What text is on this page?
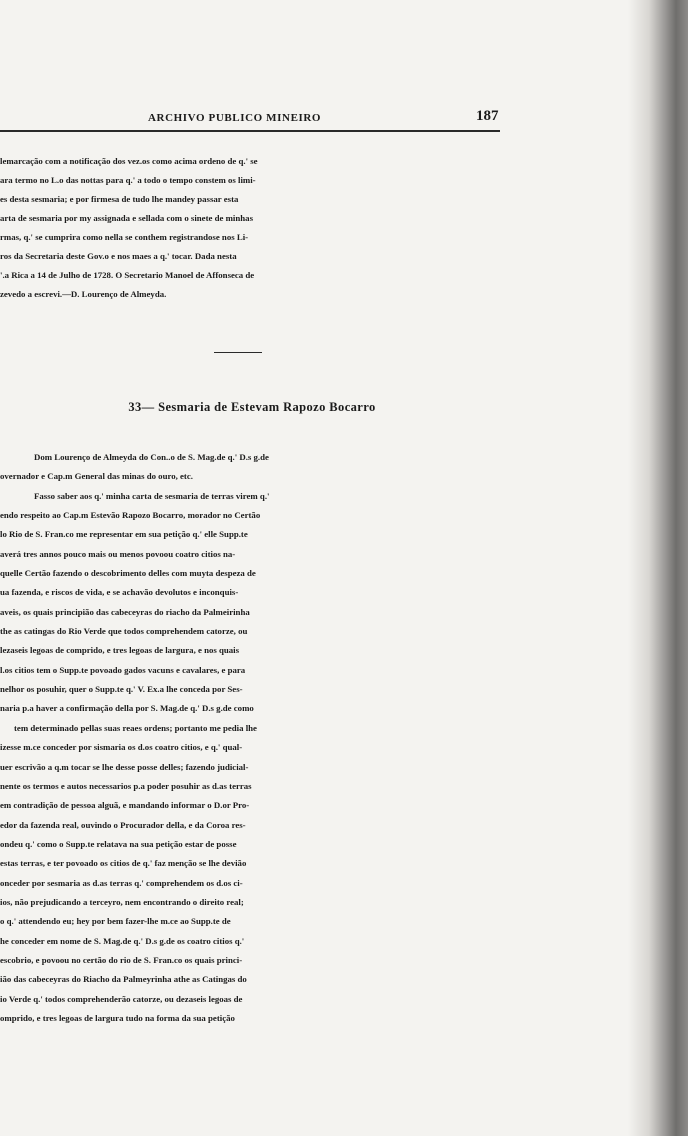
ARCHIVO PUBLICO MINEIRO	187
lemarcação com a notificação dos vez.os como acima ordeno de q.' se
ara termo no L.o das nottas para q.' a todo o tempo constem os limi-
es desta sesmaria; e por firmesa de tudo lhe mandey passar esta
arta de sesmaria por my assignada e sellada com o sinete de minhas
rmas, q.' se cumprira como nella se conthem registrandose nos Li-
ros da Secretaria deste Gov.o e nos maes a q.' tocar. Dada nesta
'.a Rica a 14 de Julho de 1728. O Secretario Manoel de Affonseca de
zevedo a escrevi.—D. Lourenço de Almeyda.
33— Sesmaria de Estevam Rapozo Bocarro
Dom Lourenço de Almeyda do Con..o de S. Mag.de q.' D.s g.de
overnador e Cap.m General das minas do ouro, etc.
Fasso saber aos q.' minha carta de sesmaria de terras virem q.'
endo respeito ao Cap.m Estevão Rapozo Bocarro, morador no Certão
lo Rio de S. Fran.co me representar em sua petição q.' elle Supp.te
averá tres annos pouco mais ou menos povoou coatro citios na-
quelle Certão fazendo o descobrimento delles com muyta despeza de
ua fazenda, e riscos de vida, e se achavão devolutos e inconquis-
aveis, os quais principião das cabeceyras do riacho da Palmeirinha
the as catingas do Rio Verde que todos comprehendem catorze, ou
lezaseis legoas de comprido, e tres legoas de largura, e nos quais
l.os citios tem o Supp.te povoado gados vacuns e cavalares, e para
nelhor os posuhir, quer o Supp.te q.' V. Ex.a lhe conceda por Ses-
naria p.a haver a confirmação della por S. Mag.de q.' D.s g.de como
tem determinado pellas suas reaes ordens; portanto me pedia lhe
izesse m.ce conceder por sismaria os d.os coatro citios, e q.' qual-
uer escrivão a q.m tocar se lhe desse posse delles; fazendo judicial-
nente os termos e autos necessarios p.a poder posuhir as d.as terras
em contradição de pessoa alguã, e mandando informar o D.or Pro-
edor da fazenda real, ouvindo o Procurador della, e da Coroa res-
ondeu q.' como o Supp.te relatava na sua petição estar de posse
estas terras, e ter povoado os citios de q.' faz menção se lhe devião
onceder por sesmaria as d.as terras q.' comprehendem os d.os ci-
ios, não prejudicando a terceyro, nem encontrando o direito real;
o q.' attendendo eu; hey por bem fazer-lhe m.ce ao Supp.te de
he conceder em nome de S. Mag.de q.' D.s g.de os coatro citios q.'
escobrio, e povoou no certão do rio de S. Fran.co os quais princi-
ião das cabeceyras do Riacho da Palmeyrinha athe as Catingas do
io Verde q.' todos comprehenderão catorze, ou dezaseis legoas de
omprido, e tres legoas de largura tudo na forma da sua petição
